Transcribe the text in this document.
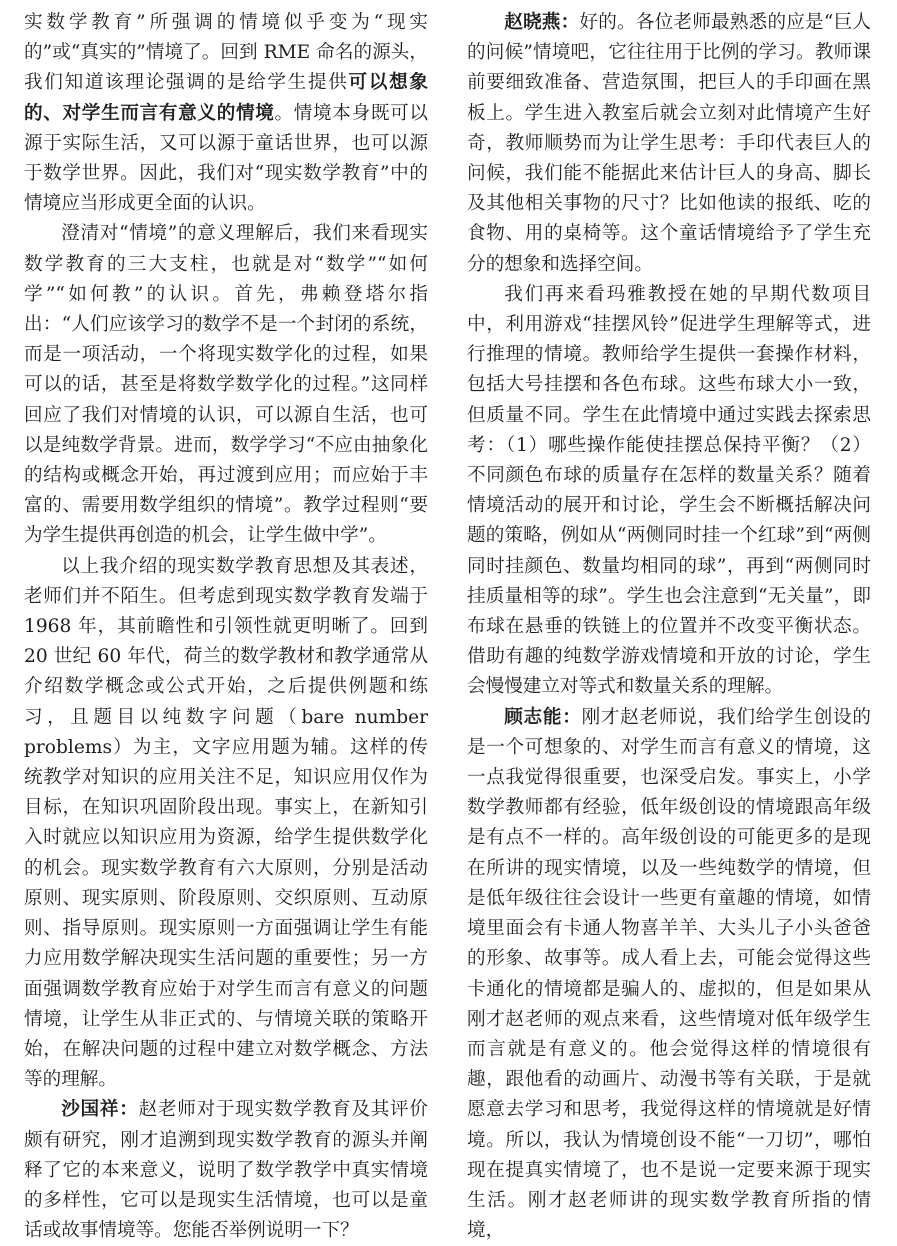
实数学教育”所强调的情境似乎变为“现实的”或“真实的”情境了。回到 RME 命名的源头，我们知道该理论强调的是给学生提供可以想象的、对学生而言有意义的情境。情境本身既可以源于实际生活，又可以源于童话世界，也可以源于数学世界。因此，我们对“现实数学教育”中的情境应当形成更全面的认识。

澄清对“情境”的意义理解后，我们来看现实数学教育的三大支柱，也就是对“数学”“如何学”“如何教”的认识。首先，弗赖登塔尔指出：“人们应该学习的数学不是一个封闭的系统，而是一项活动，一个将现实数学化的过程，如果可以的话，甚至是将数学数学化的过程。”这同样回应了我们对情境的认识，可以源自生活，也可以是纯数学背景。进而，数学学习“不应由抽象化的结构或概念开始，再过渡到应用；而应始于丰富的、需要用数学组织的情境”。教学过程则“要为学生提供再创造的机会，让学生做中学”。

以上我介绍的现实数学教育思想及其表述，老师们并不陌生。但考虑到现实数学教育发端于 1968 年，其前瞻性和引领性就更明晰了。回到 20 世纪 60 年代，荷兰的数学教材和教学通常从介绍数学概念或公式开始，之后提供例题和练习，且题目以纯数字问题（bare number problems）为主，文字应用题为辅。这样的传统教学对知识的应用关注不足，知识应用仅作为目标，在知识巩固阶段出现。事实上，在新知引入时就应以知识应用为资源，给学生提供数学化的机会。现实数学教育有六大原则，分别是活动原则、现实原则、阶段原则、交织原则、互动原则、指导原则。现实原则一方面强调让学生有能力应用数学解决现实生活问题的重要性；另一方面强调数学教育应始于对学生而言有意义的问题情境，让学生从非正式的、与情境关联的策略开始，在解决问题的过程中建立对数学概念、方法等的理解。

沙国祥：赵老师对于现实数学教育及其评价颇有研究，刚才追溯到现实数学教育的源头并阐释了它的本来意义，说明了数学教学中真实情境的多样性，它可以是现实生活情境，也可以是童话或故事情境等。您能否举例说明一下？

赵晓燕：好的。各位老师最熟悉的应是“巨人的问候”情境吧，它往往用于比例的学习。教师课前要细致准备、营造氛围，把巨人的手印画在黑板上。学生进入教室后就会立刻对此情境产生好奇，教师顺势而为让学生思考：手印代表巨人的问候，我们能不能据此来估计巨人的身高、脚长及其他相关事物的尺寸？比如他读的报纸、吃的食物、用的桌椅等。这个童话情境给予了学生充分的想象和选择空间。

我们再来看玛雅教授在她的早期代数项目中，利用游戏“挂摆风铃”促进学生理解等式，进行推理的情境。教师给学生提供一套操作材料，包括大号挂摆和各色布球。这些布球大小一致，但质量不同。学生在此情境中通过实践去探索思考：（1）哪些操作能使挂摆总保持平衡？（2）不同颜色布球的质量存在怎样的数量关系？随着情境活动的展开和讨论，学生会不断概括解决问题的策略，例如从“两侧同时挂一个红球”到“两侧同时挂颜色、数量均相同的球”，再到“两侧同时挂质量相等的球”。学生也会注意到“无关量”，即布球在悬垂的铁链上的位置并不改变平衡状态。借助有趣的纯数学游戏情境和开放的讨论，学生会慢慢建立对等式和数量关系的理解。

顾志能：刚才赵老师说，我们给学生创设的是一个可想象的、对学生而言有意义的情境，这一点我觉得很重要，也深受启发。事实上，小学数学教师都有经验，低年级创设的情境跟高年级是有点不一样的。高年级创设的可能更多的是现在所讲的现实情境，以及一些纯数学的情境，但是低年级往往会设计一些更有童趣的情境，如情境里面会有卡通人物喜羊羊、大头儿子小头爸爸的形象、故事等。成人看上去，可能会觉得这些卡通化的情境都是骗人的、虚拟的，但是如果从刚才赵老师的观点来看，这些情境对低年级学生而言就是有意义的。他会觉得这样的情境很有趣，跟他看的动画片、动漫书等有关联，于是就愿意去学习和思考，我觉得这样的情境就是好情境。所以，我认为情境创设不能“一刀切”，哪怕现在提真实情境了，也不是说一定要来源于现实生活。刚才赵老师讲的现实数学教育所指的情境，
